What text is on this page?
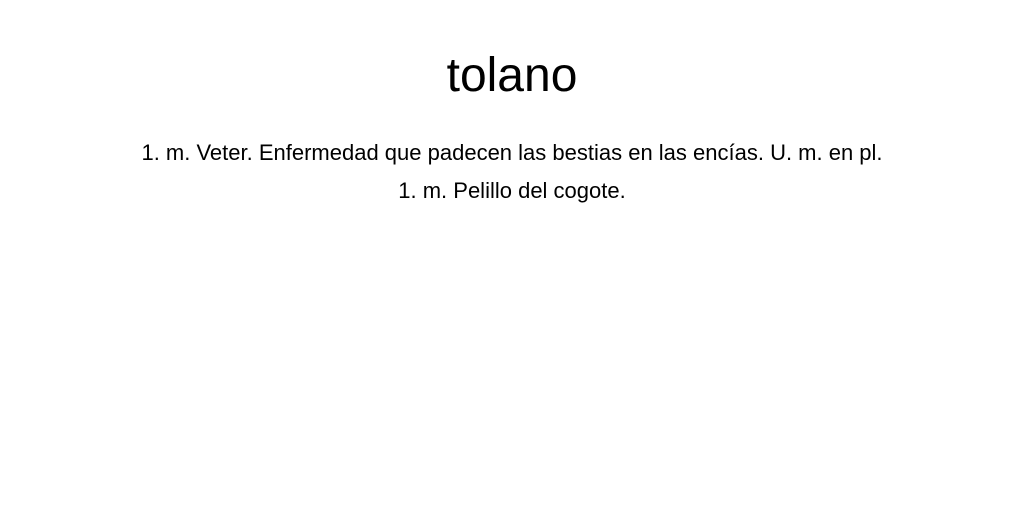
tolano

1. m. Veter. Enfermedad que padecen las bestias en las encías. U. m. en pl.

1. m. Pelillo del cogote.
